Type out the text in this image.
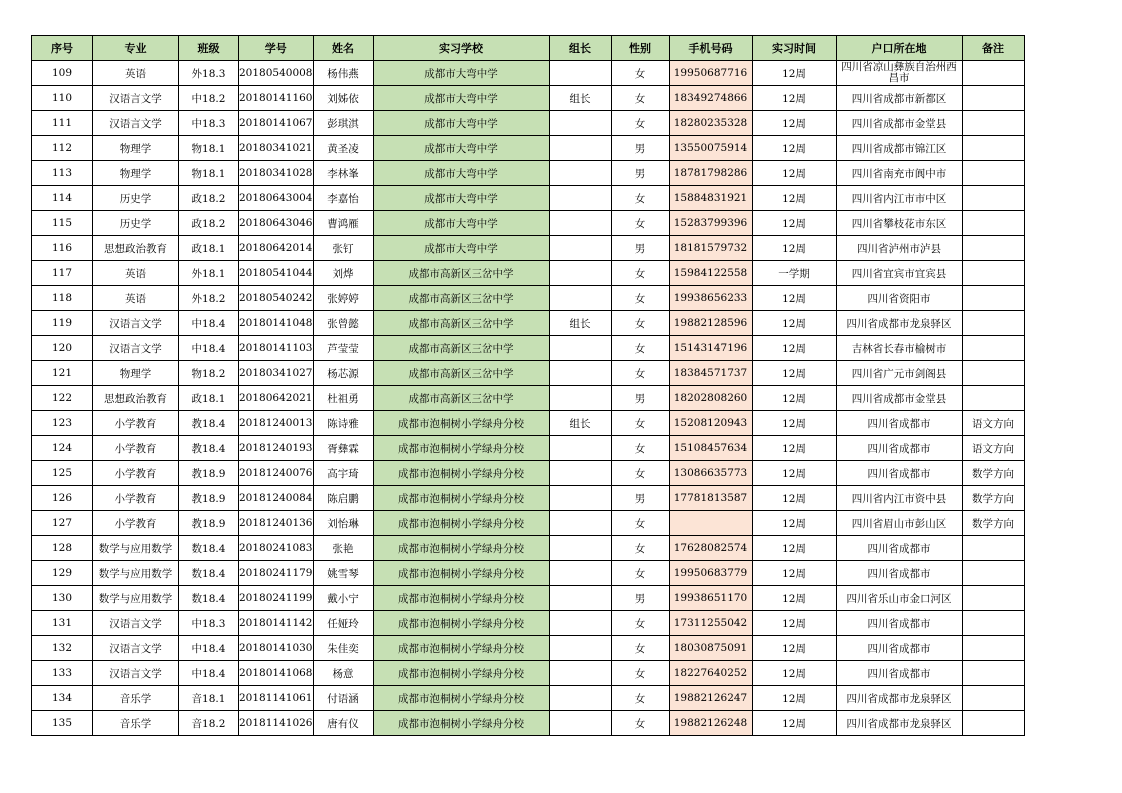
序号	专业	班级	学号	姓名	实习学校	组长	性别	手机号码	实习时间	户口所在地	备注
109	英语	外18.3	20180540008	杨伟燕	成都市大弯中学		女	19950687716	12周	四川省凉山彝族自治州西昌市	
110	汉语言文学	中18.2	20180141160	刘姊依	成都市大弯中学	组长	女	18349274866	12周	四川省成都市新都区	
111	汉语言文学	中18.3	20180141067	彭琪淇	成都市大弯中学		女	18280235328	12周	四川省成都市金堂县	
112	物理学	物18.1	20180341021	黄圣凌	成都市大弯中学		男	13550075914	12周	四川省成都市锦江区	
113	物理学	物18.1	20180341028	李林峯	成都市大弯中学		男	18781798286	12周	四川省南充市阆中市	
114	历史学	政18.2	20180643004	李嘉怡	成都市大弯中学		女	15884831921	12周	四川省内江市市中区	
115	历史学	政18.2	20180643046	曹鸿雁	成都市大弯中学		女	15283799396	12周	四川省攀枝花市东区	
116	思想政治教育	政18.1	20180642014	张钉	成都市大弯中学		男	18181579732	12周	四川省泸州市泸县	
117	英语	外18.1	20180541044	刘烨	成都市高新区三岔中学		女	15984122558	一学期	四川省宜宾市宜宾县	
118	英语	外18.2	20180540242	张婷婷	成都市高新区三岔中学		女	19938656233	12周	四川省资阳市	
119	汉语言文学	中18.4	20180141048	张曾懿	成都市高新区三岔中学	组长	女	19882128596	12周	四川省成都市龙泉驿区	
120	汉语言文学	中18.4	20180141103	芦莹莹	成都市高新区三岔中学		女	15143147196	12周	吉林省长春市榆树市	
121	物理学	物18.2	20180341027	杨芯源	成都市高新区三岔中学		女	18384571737	12周	四川省广元市剑阁县	
122	思想政治教育	政18.1	20180642021	杜祖勇	成都市高新区三岔中学		男	18202808260	12周	四川省成都市金堂县	
123	小学教育	教18.4	20181240013	陈诗雅	成都市泡桐树小学绿舟分校	组长	女	15208120943	12周	四川省成都市	语文方向
124	小学教育	教18.4	20181240193	胥彝霖	成都市泡桐树小学绿舟分校		女	15108457634	12周	四川省成都市	语文方向
125	小学教育	教18.9	20181240076	高宇琦	成都市泡桐树小学绿舟分校		女	13086635773	12周	四川省成都市	数学方向
126	小学教育	教18.9	20181240084	陈启鹏	成都市泡桐树小学绿舟分校		男	17781813587	12周	四川省内江市资中县	数学方向
127	小学教育	教18.9	20181240136	刘怡琳	成都市泡桐树小学绿舟分校		女		12周	四川省眉山市彭山区	数学方向
128	数学与应用数学	数18.4	20180241083	张艳	成都市泡桐树小学绿舟分校		女	17628082574	12周	四川省成都市	
129	数学与应用数学	数18.4	20180241179	姚雪琴	成都市泡桐树小学绿舟分校		女	19950683779	12周	四川省成都市	
130	数学与应用数学	数18.4	20180241199	戴小宁	成都市泡桐树小学绿舟分校		男	19938651170	12周	四川省乐山市金口河区	
131	汉语言文学	中18.3	20180141142	任娅玲	成都市泡桐树小学绿舟分校		女	17311255042	12周	四川省成都市	
132	汉语言文学	中18.4	20180141030	朱佳奕	成都市泡桐树小学绿舟分校		女	18030875091	12周	四川省成都市	
133	汉语言文学	中18.4	20180141068	杨意	成都市泡桐树小学绿舟分校		女	18227640252	12周	四川省成都市	
134	音乐学	音18.1	20181141061	付语涵	成都市泡桐树小学绿舟分校		女	19882126247	12周	四川省成都市龙泉驿区	
135	音乐学	音18.2	20181141026	唐有仪	成都市泡桐树小学绿舟分校		女	19882126248	12周	四川省成都市龙泉驿区	
